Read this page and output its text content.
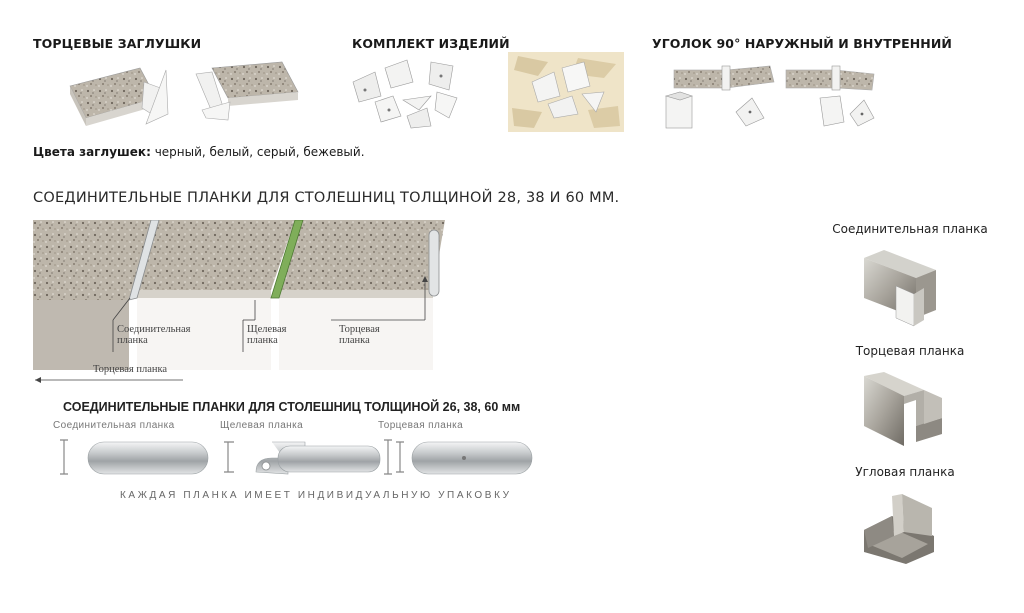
ТОРЦЕВЫЕ ЗАГЛУШКИ	КОМПЛЕКТ ИЗДЕЛИЙ	УГОЛОК 90° НАРУЖНЫЙ И ВНУТРЕННИЙ
Цвета заглушек: черный, белый, серый, бежевый.
СОЕДИНИТЕЛЬНЫЕ ПЛАНКИ ДЛЯ СТОЛЕШНИЦ ТОЛЩИНОЙ 28, 38 И 60 ММ.
Соединительная
планка
Щелевая
планка
Торцевая
планка
Торцевая планка
СОЕДИНИТЕЛЬНЫЕ ПЛАНКИ ДЛЯ СТОЛЕШНИЦ ТОЛЩИНОЙ 26, 38, 60 мм
Соединительная планка	Щелевая планка	Торцевая планка
КАЖДАЯ ПЛАНКА ИМЕЕТ ИНДИВИДУАЛЬНУЮ УПАКОВКУ
Соединительная планка
Торцевая планка
Угловая планка
